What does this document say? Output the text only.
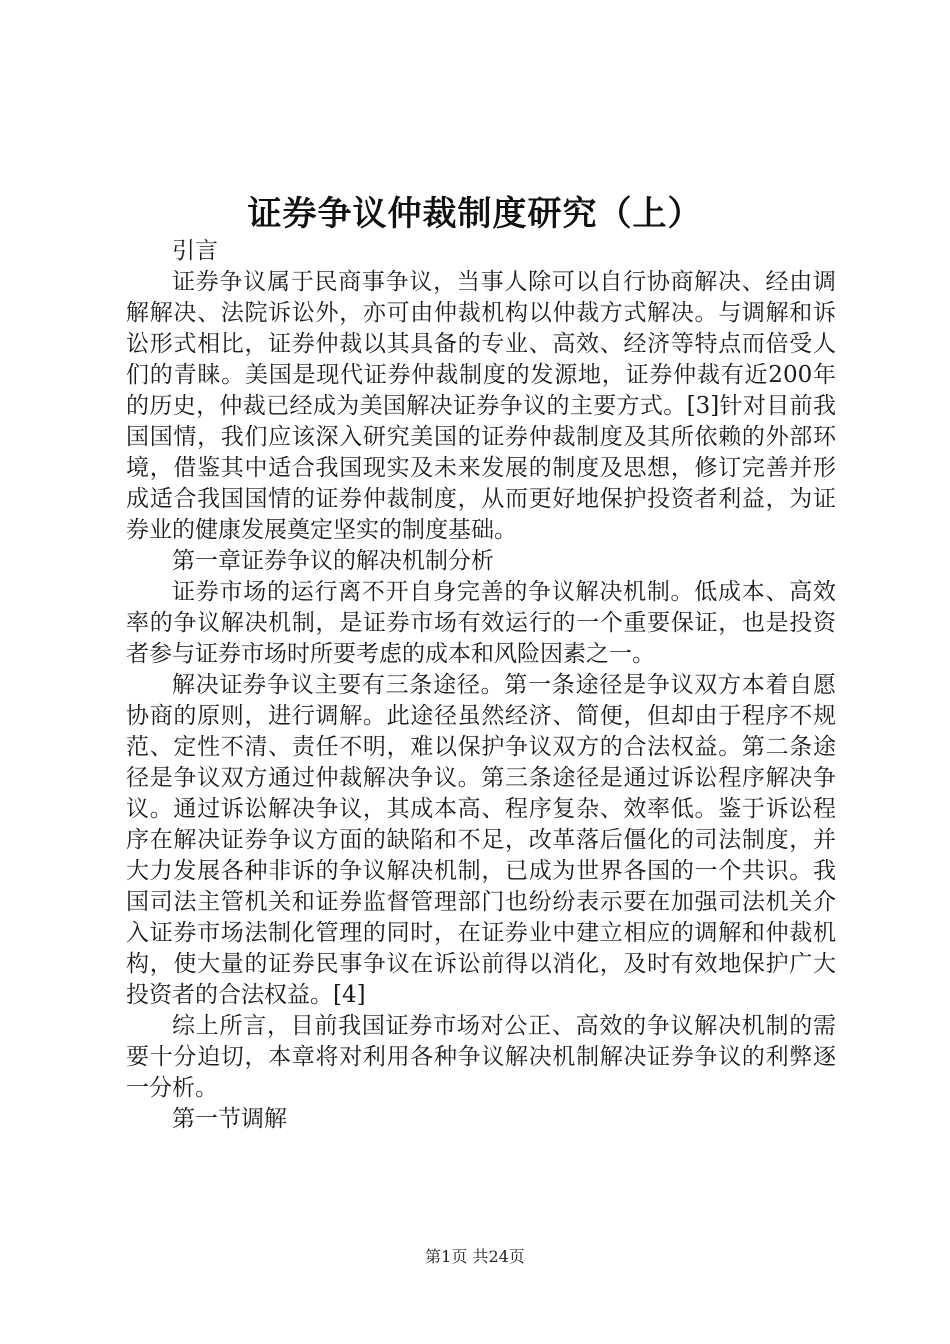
证券争议仲裁制度研究（上）

引言

证券争议属于民商事争议，当事人除可以自行协商解决、经由调解解决、法院诉讼外，亦可由仲裁机构以仲裁方式解决。与调解和诉讼形式相比，证券仲裁以其具备的专业、高效、经济等特点而倍受人们的青睐。美国是现代证券仲裁制度的发源地，证券仲裁有近200年的历史，仲裁已经成为美国解决证券争议的主要方式。[3]针对目前我国国情，我们应该深入研究美国的证券仲裁制度及其所依赖的外部环境，借鉴其中适合我国现实及未来发展的制度及思想，修订完善并形成适合我国国情的证券仲裁制度，从而更好地保护投资者利益，为证券业的健康发展奠定坚实的制度基础。

第一章证券争议的解决机制分析

证券市场的运行离不开自身完善的争议解决机制。低成本、高效率的争议解决机制，是证券市场有效运行的一个重要保证，也是投资者参与证券市场时所要考虑的成本和风险因素之一。

解决证券争议主要有三条途径。第一条途径是争议双方本着自愿协商的原则，进行调解。此途径虽然经济、简便，但却由于程序不规范、定性不清、责任不明，难以保护争议双方的合法权益。第二条途径是争议双方通过仲裁解决争议。第三条途径是通过诉讼程序解决争议。通过诉讼解决争议，其成本高、程序复杂、效率低。鉴于诉讼程序在解决证券争议方面的缺陷和不足，改革落后僵化的司法制度，并大力发展各种非诉的争议解决机制，已成为世界各国的一个共识。我国司法主管机关和证券监督管理部门也纷纷表示要在加强司法机关介入证券市场法制化管理的同时，在证券业中建立相应的调解和仲裁机构，使大量的证券民事争议在诉讼前得以消化，及时有效地保护广大投资者的合法权益。[4]

综上所言，目前我国证券市场对公正、高效的争议解决机制的需要十分迫切，本章将对利用各种争议解决机制解决证券争议的利弊逐一分析。

第一节调解

第1页 共24页
